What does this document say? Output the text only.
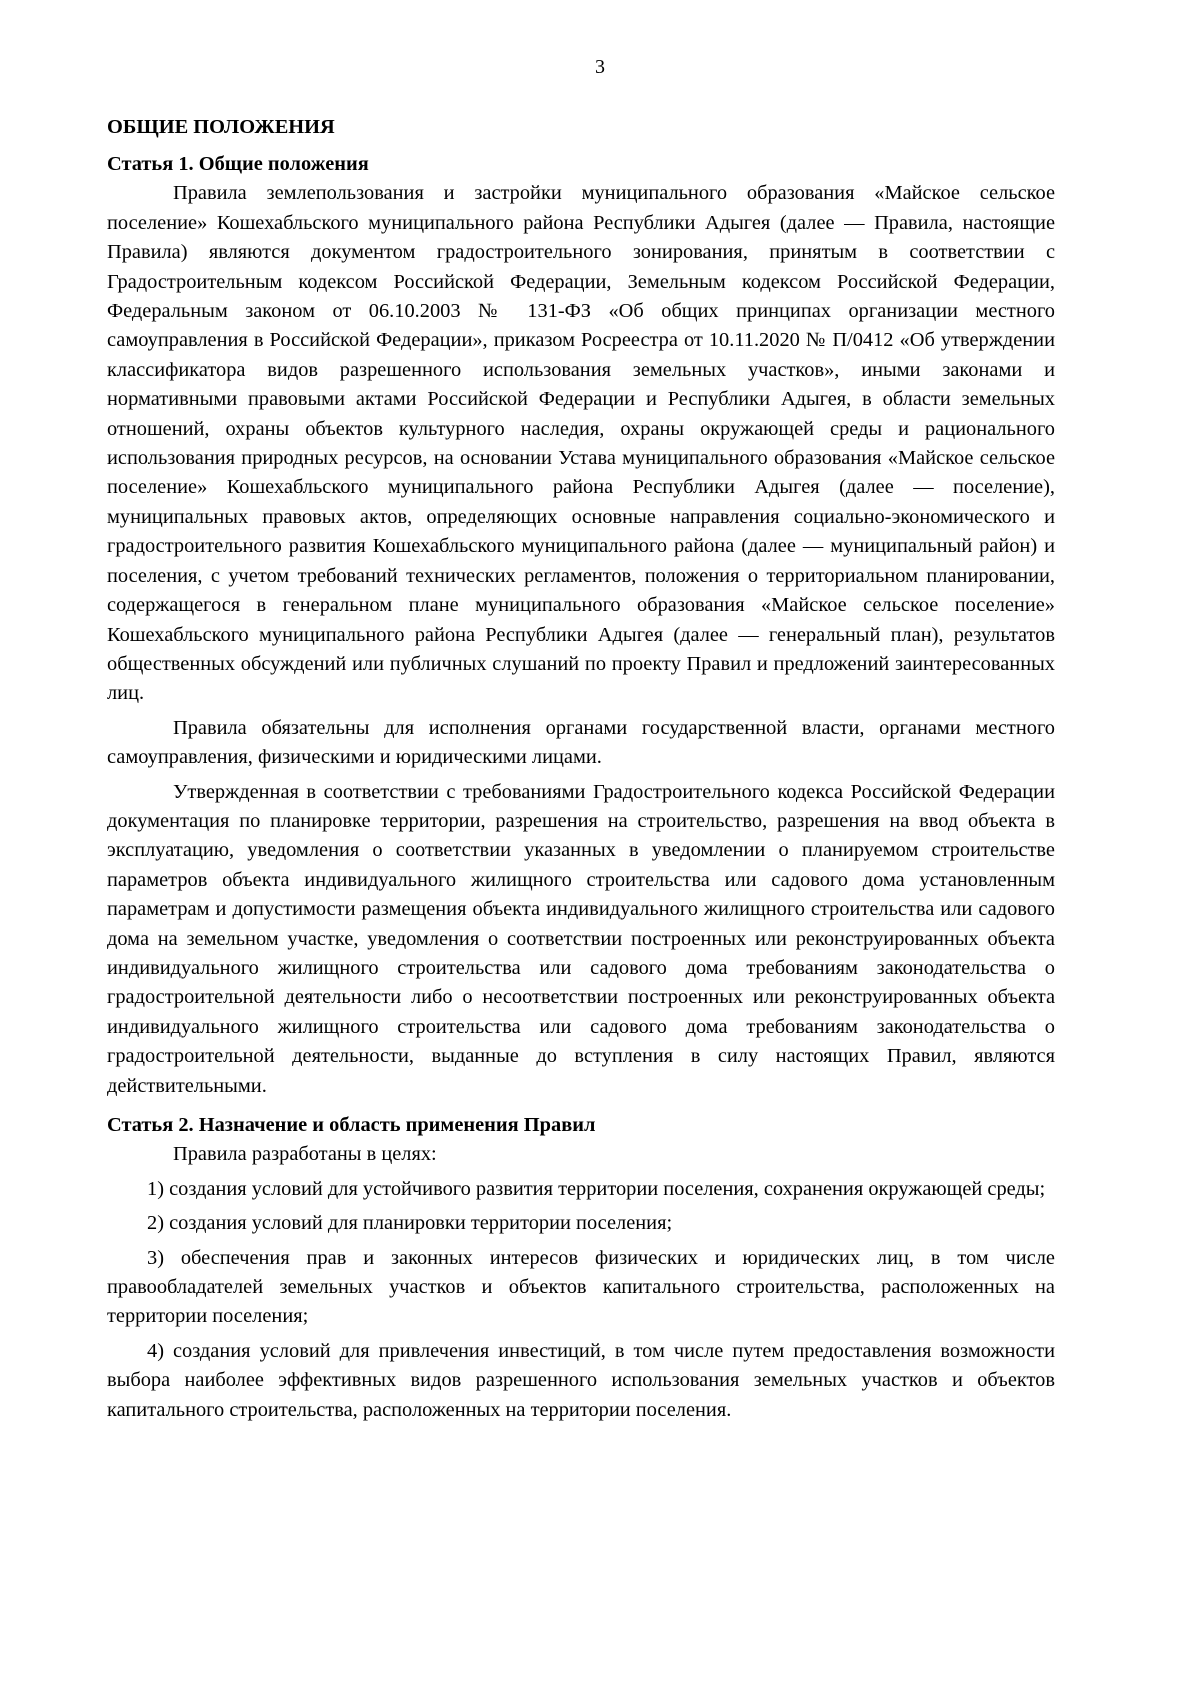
3
ОБЩИЕ ПОЛОЖЕНИЯ
Статья 1. Общие положения

Правила землепользования и застройки муниципального образования «Майское сельское поселение» Кошехабльского муниципального района Республики Адыгея (далее — Правила, настоящие Правила) являются документом градостроительного зонирования, принятым в соответствии с Градостроительным кодексом Российской Федерации, Земельным кодексом Российской Федерации, Федеральным законом от 06.10.2003 № 131-ФЗ «Об общих принципах организации местного самоуправления в Российской Федерации», приказом Росреестра от 10.11.2020 № П/0412 «Об утверждении классификатора видов разрешенного использования земельных участков», иными законами и нормативными правовыми актами Российской Федерации и Республики Адыгея, в области земельных отношений, охраны объектов культурного наследия, охраны окружающей среды и рационального использования природных ресурсов, на основании Устава муниципального образования «Майское сельское поселение» Кошехабльского муниципального района Республики Адыгея (далее — поселение), муниципальных правовых актов, определяющих основные направления социально-экономического и градостроительного развития Кошехабльского муниципального района (далее — муниципальный район) и поселения, с учетом требований технических регламентов, положения о территориальном планировании, содержащегося в генеральном плане муниципального образования «Майское сельское поселение» Кошехабльского муниципального района Республики Адыгея (далее — генеральный план), результатов общественных обсуждений или публичных слушаний по проекту Правил и предложений заинтересованных лиц.

Правила обязательны для исполнения органами государственной власти, органами местного самоуправления, физическими и юридическими лицами.

Утвержденная в соответствии с требованиями Градостроительного кодекса Российской Федерации документация по планировке территории, разрешения на строительство, разрешения на ввод объекта в эксплуатацию, уведомления о соответствии указанных в уведомлении о планируемом строительстве параметров объекта индивидуального жилищного строительства или садового дома установленным параметрам и допустимости размещения объекта индивидуального жилищного строительства или садового дома на земельном участке, уведомления о соответствии построенных или реконструированных объекта индивидуального жилищного строительства или садового дома требованиям законодательства о градостроительной деятельности либо о несоответствии построенных или реконструированных объекта индивидуального жилищного строительства или садового дома требованиям законодательства о градостроительной деятельности, выданные до вступления в силу настоящих Правил, являются действительными.

Статья 2. Назначение и область применения Правил

Правила разработаны в целях:

1) создания условий для устойчивого развития территории поселения, сохранения окружающей среды;

2) создания условий для планировки территории поселения;

3) обеспечения прав и законных интересов физических и юридических лиц, в том числе правообладателей земельных участков и объектов капитального строительства, расположенных на территории поселения;

4) создания условий для привлечения инвестиций, в том числе путем предоставления возможности выбора наиболее эффективных видов разрешенного использования земельных участков и объектов капитального строительства, расположенных на территории поселения.
